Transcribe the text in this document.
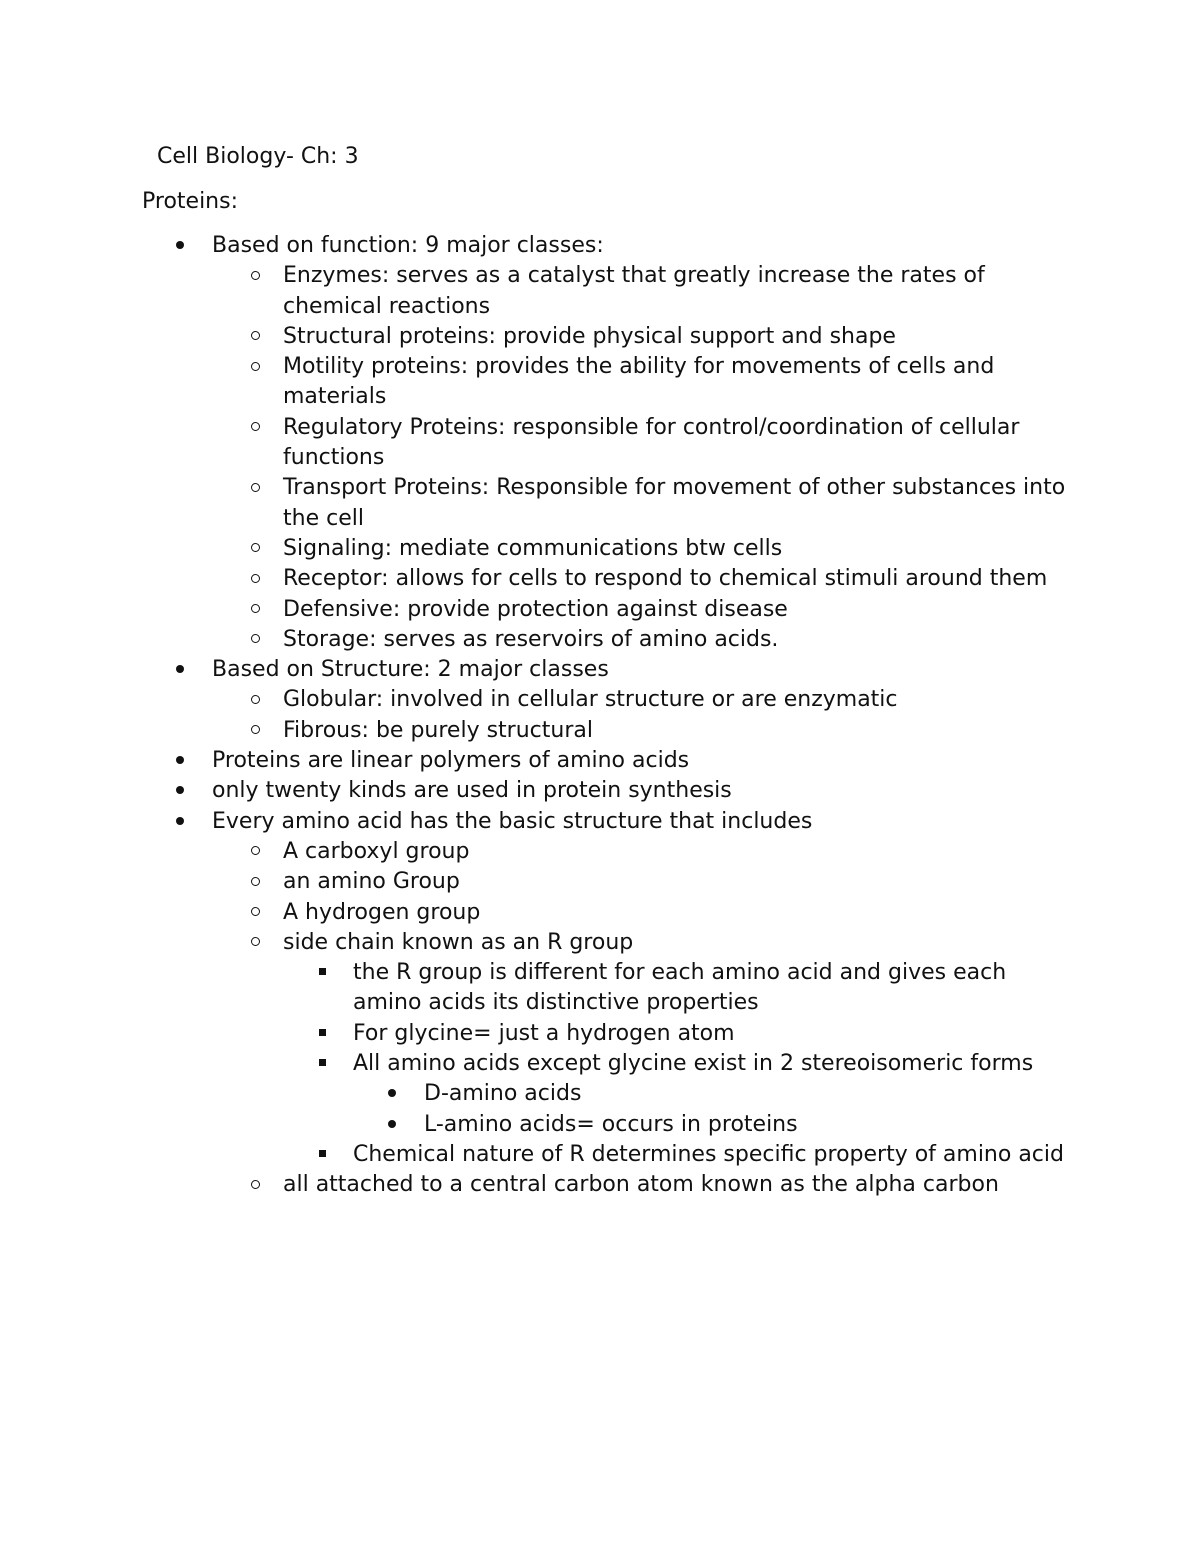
Cell Biology- Ch: 3

Proteins:

Based on function: 9 major classes:
Enzymes: serves as a catalyst that greatly increase the rates of chemical reactions
Structural proteins: provide physical support and shape
Motility proteins: provides the ability for movements of cells and materials
Regulatory Proteins: responsible for control/coordination of cellular functions
Transport Proteins: Responsible for movement of other substances into the cell
Signaling: mediate communications btw cells
Receptor: allows for cells to respond to chemical stimuli around them
Defensive: provide protection against disease
Storage: serves as reservoirs of amino acids.
Based on Structure: 2 major classes
Globular: involved in cellular structure or are enzymatic
Fibrous: be purely structural
Proteins are linear polymers of amino acids
only twenty kinds are used in protein synthesis
Every amino acid has the basic structure that includes
A carboxyl group
an amino Group
A hydrogen group
side chain known as an R group
the R group is different for each amino acid and gives each amino acids its distinctive properties
For glycine= just a hydrogen atom
All amino acids except glycine exist in 2 stereoisomeric forms
D-amino acids
L-amino acids= occurs in proteins
Chemical nature of R determines specific property of amino acid
all attached to a central carbon atom known as the alpha carbon
